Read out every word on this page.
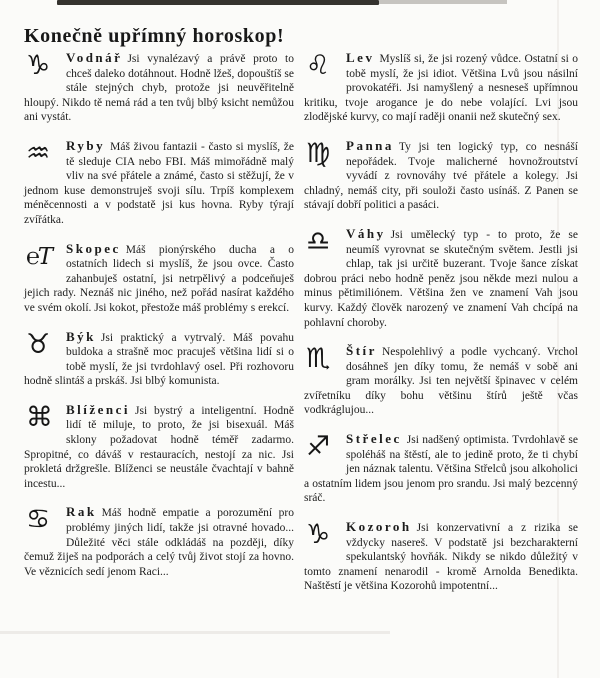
Konečně upřímný horoskop!
♑	Vodnář Jsi vynalézavý a právě proto to chceš daleko dotáhnout. Hodně lžeš, dopouštíš se stále stejných chyb, protože jsi neuvěřitelně hloupý. Nikdo tě nemá rád a ten tvůj blbý ksicht nemůžou ani vystát.
♒	Ryby Máš živou fantazii - často si myslíš, že tě sleduje CIA nebo FBI. Máš mimořádně malý vliv na své přátele a známé, často si stěžují, že v jednom kuse demonstruješ svoji sílu. Trpíš komplexem méněcennosti a v podstatě jsi kus hovna. Ryby týrají zvířátka.
℮T	Skopec Máš pionýrského ducha a o ostatních lidech si myslíš, že jsou ovce. Často zahanbuješ ostatní, jsi netrpělivý a podceňuješ jejich rady. Neznáš nic jiného, než pořád nasírat každého ve svém okolí. Jsi kokot, přestože máš problémy s erekcí.
♉	Býk Jsi praktický a vytrvalý. Máš povahu buldoka a strašně moc pracuješ většina lidí si o tobě myslí, že jsi tvrdohlavý osel. Při rozhovoru hodně slintáš a prskáš. Jsi blbý komunista.
⌘	Blíženci Jsi bystrý a inteligentní. Hodně lidí tě miluje, to proto, že jsi bisexuál. Máš sklony požadovat hodně téměř zadarmo. Spropitné, co dáváš v restauracích, nestojí za nic. Jsi prokletá držgrešle. Blíženci se neustále čvachtají v bahně incestu...
♋	Rak Máš hodně empatie a porozumění pro problémy jiných lidí, takže jsi otravné hovado... Důležité věci stále odkládáš na později, díky čemuž žiješ na podporách a celý tvůj život stojí za hovno. Ve věznicích sedí jenom Raci...
♌	Lev Myslíš si, že jsi rozený vůdce. Ostatní si o tobě myslí, že jsi idiot. Většina Lvů jsou násilní provokatéři. Jsi namyšlený a nesneseš upřímnou kritiku, tvoje arogance je do nebe volající. Lvi jsou zlodějské kurvy, co mají raději onanii než skutečný sex.
♍	Panna Ty jsi ten logický typ, co nesnáší nepořádek. Tvoje malicherné hovnožroutství vyvádí z rovnováhy tvé přátele a kolegy. Jsi chladný, nemáš city, při souloži často usínáš. Z Panen se stávají dobří politici a pasáci.
♎	Váhy Jsi umělecký typ - to proto, že se neumíš vyrovnat se skutečným světem. Jestli jsi chlap, tak jsi určitě buzerant. Tvoje šance získat dobrou práci nebo hodně peněz jsou někde mezi nulou a minus pětimiliónem. Většina žen ve znamení Vah jsou kurvy. Každý člověk narozený ve znamení Vah chcípá na pohlavní choroby.
♏	Štír Nespolehlivý a podle vychcaný. Vrchol dosáhneš jen díky tomu, že nemáš v sobě ani gram morálky. Jsi ten největší špinavec v celém zvířetníku díky bohu většinu štírů ještě včas vodkráglujou...
♐	Střelec Jsi nadšený optimista. Tvrdohlavě se spoléháš na štěstí, ale to jedině proto, že ti chybí jen náznak talentu. Většina Střelců jsou alkoholici a ostatním lidem jsou jenom pro srandu. Jsi malý bezcenný sráč.
♑	Kozoroh Jsi konzervativní a z rizika se vždycky nasereš. V podstatě jsi bezcharakterní spekulantský hovňák. Nikdy se nikdo důležitý v tomto znamení nenarodil - kromě Arnolda Benedikta. Naštěstí je většina Kozorohů impotentní...
